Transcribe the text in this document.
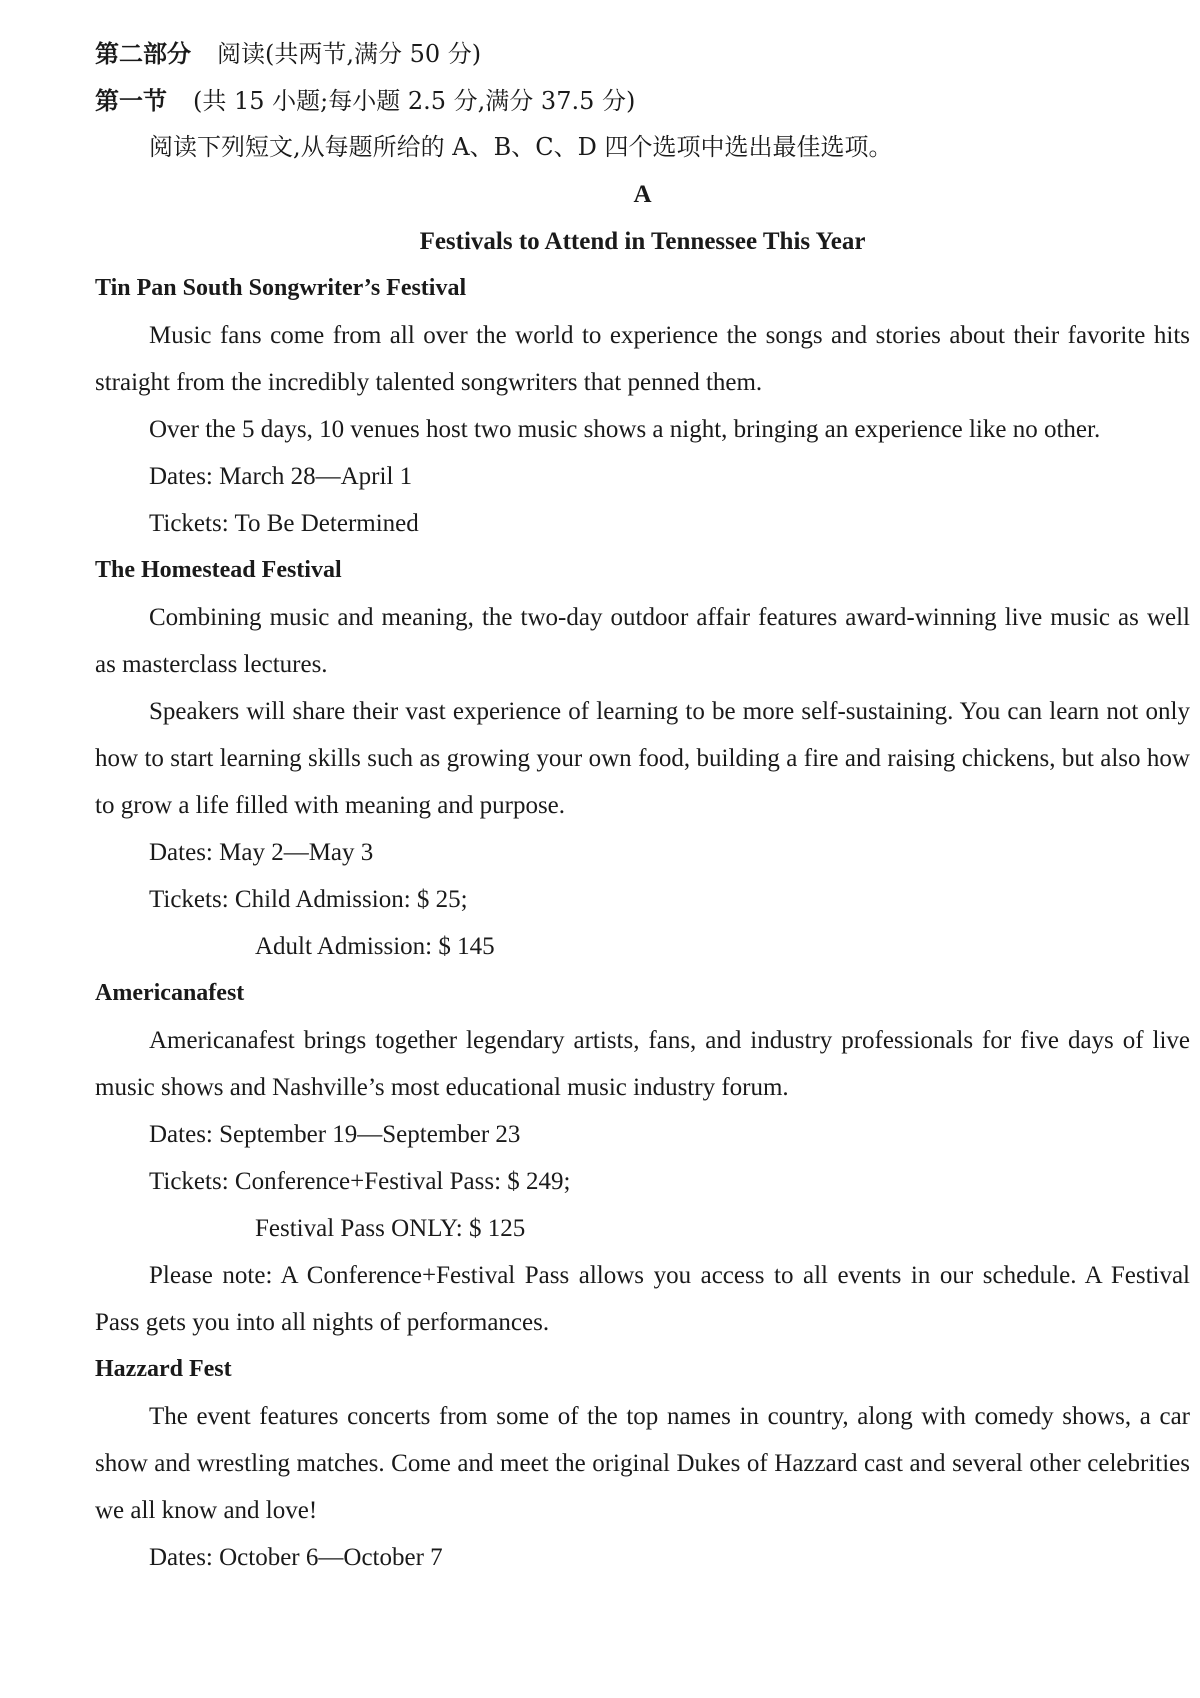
第二部分 阅读(共两节,满分 50 分)
第一节 (共 15 小题;每小题 2.5 分,满分 37.5 分)
阅读下列短文,从每题所给的 A、B、C、D 四个选项中选出最佳选项。
A
Festivals to Attend in Tennessee This Year
Tin Pan South Songwriter’s Festival
Music fans come from all over the world to experience the songs and stories about their favorite hits straight from the incredibly talented songwriters that penned them.
Over the 5 days, 10 venues host two music shows a night, bringing an experience like no other.
Dates: March 28—April 1
Tickets: To Be Determined
The Homestead Festival
Combining music and meaning, the two-day outdoor affair features award-winning live music as well as masterclass lectures.
Speakers will share their vast experience of learning to be more self-sustaining. You can learn not only how to start learning skills such as growing your own food, building a fire and raising chickens, but also how to grow a life filled with meaning and purpose.
Dates: May 2—May 3
Tickets: Child Admission: $ 25;
Adult Admission: $ 145
Americanafest
Americanafest brings together legendary artists, fans, and industry professionals for five days of live music shows and Nashville’s most educational music industry forum.
Dates: September 19—September 23
Tickets: Conference+Festival Pass: $ 249;
Festival Pass ONLY: $ 125
Please note: A Conference+Festival Pass allows you access to all events in our schedule. A Festival Pass gets you into all nights of performances.
Hazzard Fest
The event features concerts from some of the top names in country, along with comedy shows, a car show and wrestling matches. Come and meet the original Dukes of Hazzard cast and several other celebrities we all know and love!
Dates: October 6—October 7
